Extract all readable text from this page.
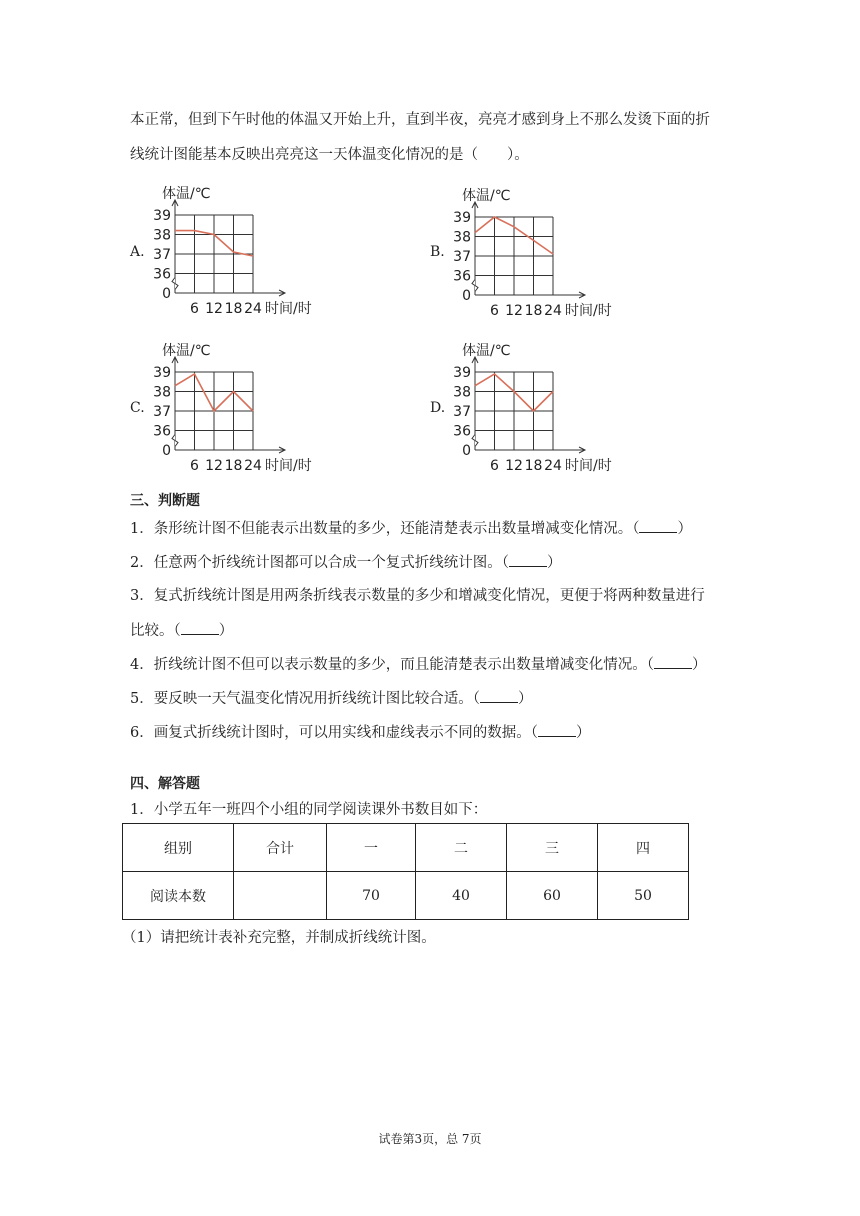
本正常，但到下午时他的体温又开始上升，直到半夜，亮亮才感到身上不那么发烫下面的折
线统计图能基本反映出亮亮这一天体温变化情况的是（　　）。
A.	B.
C.	D.
体温/℃
0
36
37
38
39
6 12 18 24 时间/时
体温/℃
0
36
37
38
39
6 12 18 24 时间/时
体温/℃
0
36
37
38
39
6 12 18 24 时间/时
体温/℃
0
36
37
38
39
6 12 18 24 时间/时
三、判断题
1．条形统计图不但能表示出数量的多少，还能清楚表示出数量增减变化情况。（	）
2．任意两个折线统计图都可以合成一个复式折线统计图。（	）
3．复式折线统计图是用两条折线表示数量的多少和增减变化情况，更便于将两种数量进行
比较。（	）
4．折线统计图不但可以表示数量的多少，而且能清楚表示出数量增减变化情况。（	）
5．要反映一天气温变化情况用折线统计图比较合适。（	）
6．画复式折线统计图时，可以用实线和虚线表示不同的数据。（	）
四、解答题
1．小学五年一班四个小组的同学阅读课外书数目如下：
组别	合计	一	二	三	四
阅读本数		70	40	60	50
（1）请把统计表补充完整，并制成折线统计图。
试卷第3页，总 7页
